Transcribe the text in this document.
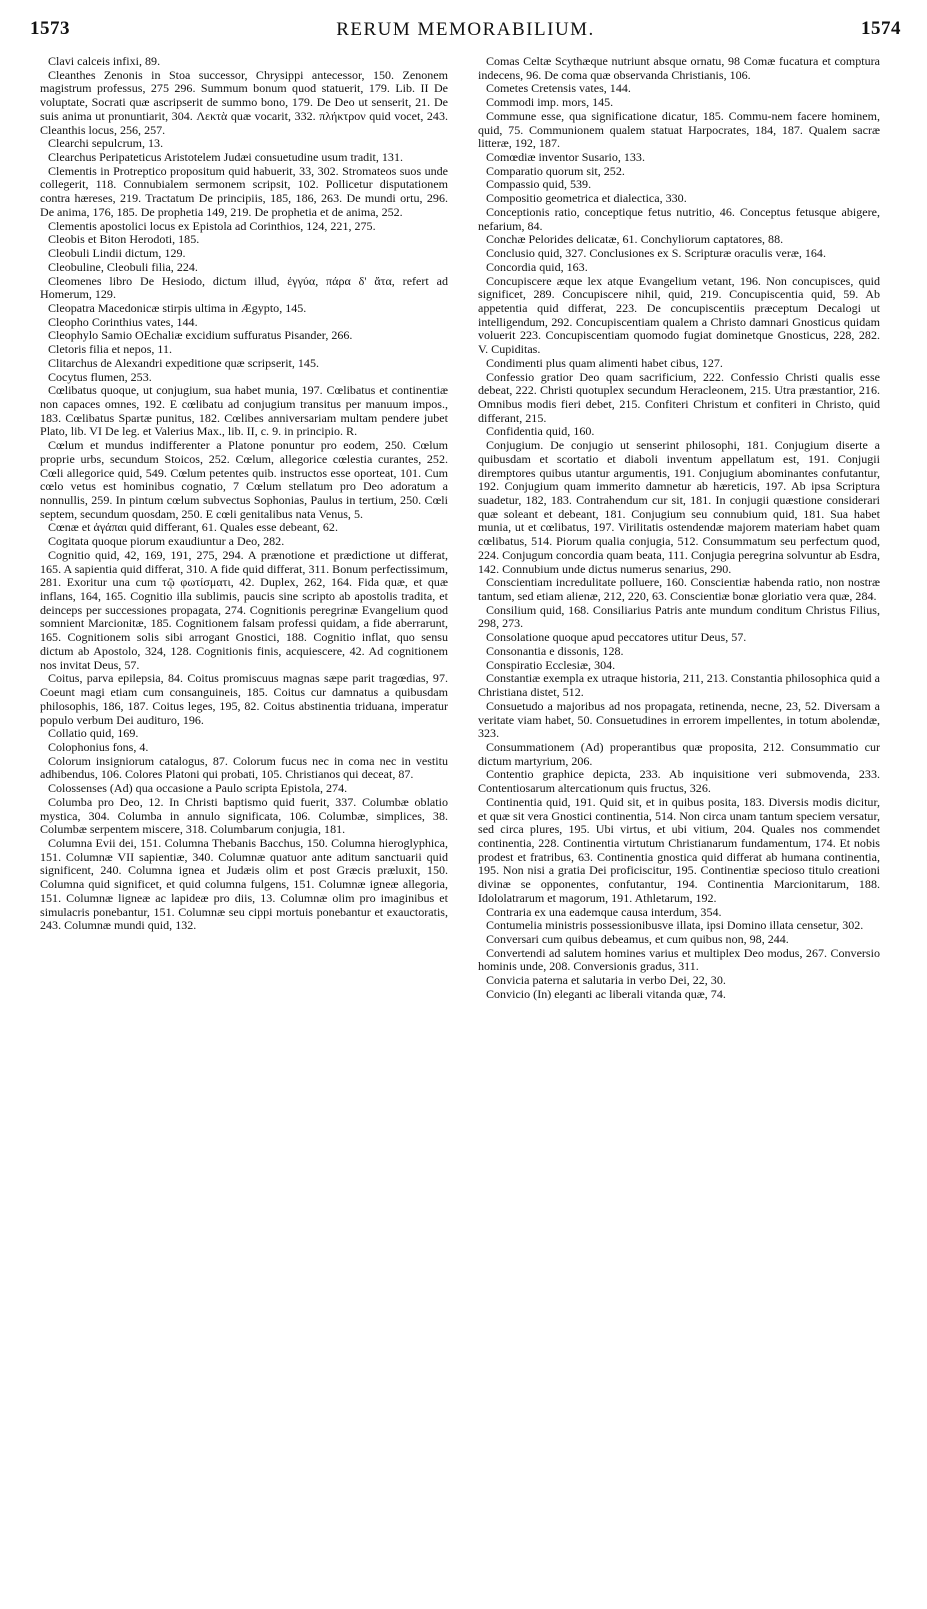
1573	RERUM MEMORABILIUM.	1574

Clavi calceis infixi, 89.

Cleanthes Zenonis in Stoa successor, Chrysippi antecessor, 150. Zenonem magistrum professus, 275 296. Summum bonum quod statuerit, 179. Lib. II De voluptate, Socrati quæ ascripserit de summo bono, 179. De Deo ut senserit, 21. De suis anima ut pronuntiarit, 304. Λεκτὰ quæ vocarit, 332. πλήκτρον quid vocet, 243. Cleanthis locus, 256, 257.

Clearchi sepulcrum, 13.

Clearchus Peripateticus Aristotelem Judæi consuetudine usum tradit, 131.

Clementis in Protreptico propositum quid habuerit, 33, 302. Stromateos suos unde collegerit, 118. Connubialem sermonem scripsit, 102. Pollicetur disputationem contra hæreses, 219. Tractatum De principiis, 185, 186, 263. De mundi ortu, 296. De anima, 176, 185. De prophetia 149, 219. De prophetia et de anima, 252.

Clementis apostolici locus ex Epistola ad Corinthios, 124, 221, 275.

Cleobis et Biton Herodoti, 185.

Cleobuli Lindii dictum, 129.

Cleobuline, Cleobuli filia, 224.

Cleomenes libro De Hesiodo, dictum illud, ἐγγύα, πάρα δ' ἄτα, refert ad Homerum, 129.

Cleopatra Macedonicæ stirpis ultima in Ægypto, 145.

Cleopho Corinthius vates, 144.

Cleophylo Samio OEchaliæ excidium suffuratus Pisander, 266.

Cletoris filia et nepos, 11.

Clitarchus de Alexandri expeditione quæ scripserit, 145.

Cocytus flumen, 253.

Cœlibatus quoque, ut conjugium, sua habet munia, 197. Cœlibatus et continentiæ non capaces omnes, 192. E cœlibatu ad conjugium transitus per manuum impos., 183. Cœlibatus Spartæ punitus, 182. Cœlibes anniversariam multam pendere jubet Plato, lib. VI De leg. et Valerius Max., lib. II, c. 9. in principio. R.

Cœlum et mundus indifferenter a Platone ponuntur pro eodem, 250. Cœlum proprie urbs, secundum Stoicos, 252. Cœlum, allegorice cœlestia curantes, 252. Cœli allegorice quid, 549. Cœlum petentes quib. instructos esse oporteat, 101. Cum cœlo vetus est hominibus cognatio, 7 Cœlum stellatum pro Deo adoratum a nonnullis, 259. In pintum cœlum subvectus Sophonias, Paulus in tertium, 250. Cœli septem, secundum quosdam, 250. E cœli genitalibus nata Venus, 5.

Cœnæ et ἀγάπαι quid differant, 61. Quales esse debeant, 62.

Cogitata quoque piorum exaudiuntur a Deo, 282.

Cognitio quid, 42, 169, 191, 275, 294. A prænotione et prædictione ut differat, 165. A sapientia quid differat, 310. A fide quid differat, 311. Bonum perfectissimum, 281. Exoritur una cum τῷ φωτίσματι, 42. Duplex, 262, 164. Fida quæ, et quæ inflans, 164, 165. Cognitio illa sublimis, paucis sine scripto ab apostolis tradita, et deinceps per successiones propagata, 274. Cognitionis peregrinæ Evangelium quod somnient Marcionitæ, 185. Cognitionem falsam professi quidam, a fide aberrarunt, 165. Cognitionem solis sibi arrogant Gnostici, 188. Cognitio inflat, quo sensu dictum ab Apostolo, 324, 128. Cognitionis finis, acquiescere, 42. Ad cognitionem nos invitat Deus, 57.

Coitus, parva epilepsia, 84. Coitus promiscuus magnas sæpe parit tragœdias, 97. Coeunt magi etiam cum consanguineis, 185. Coitus cur damnatus a quibusdam philosophis, 186, 187. Coitus leges, 195, 82. Coitus abstinentia triduana, imperatur populo verbum Dei audituro, 196.

Collatio quid, 169.

Colophonius fons, 4.

Colorum insigniorum catalogus, 87. Colorum fucus nec in coma nec in vestitu adhibendus, 106. Colores Platoni qui probati, 105. Christianos qui deceat, 87.

Colossenses (Ad) qua occasione a Paulo scripta Epistola, 274.

Columba pro Deo, 12. In Christi baptismo quid fuerit, 337. Columbæ oblatio mystica, 304. Columba in annulo significata, 106. Columbæ, simplices, 38. Columbæ serpentem miscere, 318. Columbarum conjugia, 181.

Columna Evii dei, 151. Columna Thebanis Bacchus, 150. Columna hieroglyphica, 151. Columnæ VII sapientiæ, 340. Columnæ quatuor ante aditum sanctuarii quid significent, 240. Columna ignea et Judæis olim et post Græcis præluxit, 150. Columna quid significet, et quid columna fulgens, 151. Columnæ igneæ allegoria, 151. Columnæ ligneæ ac lapideæ pro diis, 13. Columnæ olim pro imaginibus et simulacris ponebantur, 151. Columnæ seu cippi mortuis ponebantur et exauctoratis, 243. Columnæ mundi quid, 132.

Comas Celtæ Scythæque nutriunt absque ornatu, 98 Comæ fucatura et comptura indecens, 96. De coma quæ observanda Christianis, 106.

Cometes Cretensis vates, 144.

Commodi imp. mors, 145.

Commune esse, qua significatione dicatur, 185. Commu-nem facere hominem, quid, 75. Communionem qualem statuat Harpocrates, 184, 187. Qualem sacræ litteræ, 192, 187.

Comœdiæ inventor Susario, 133.

Comparatio quorum sit, 252.

Compassio quid, 539.

Compositio geometrica et dialectica, 330.

Conceptionis ratio, conceptique fetus nutritio, 46. Conceptus fetusque abigere, nefarium, 84.

Conchæ Pelorides delicatæ, 61. Conchyliorum captatores, 88.

Conclusio quid, 327. Conclusiones ex S. Scripturæ oraculis veræ, 164.

Concordia quid, 163.

Concupiscere æque lex atque Evangelium vetant, 196. Non concupisces, quid significet, 289. Concupiscere nihil, quid, 219. Concupiscentia quid, 59. Ab appetentia quid differat, 223. De concupiscentiis præceptum Decalogi ut intelligendum, 292. Concupiscentiam qualem a Christo damnari Gnosticus quidam voluerit 223. Concupiscentiam quomodo fugiat dominetque Gnosticus, 228, 282. V. Cupiditas.

Condimenti plus quam alimenti habet cibus, 127.

Confessio gratior Deo quam sacrificium, 222. Confessio Christi qualis esse debeat, 222. Christi quotuplex secundum Heracleonem, 215. Utra præstantior, 216. Omnibus modis fieri debet, 215. Confiteri Christum et confiteri in Christo, quid differant, 215.

Confidentia quid, 160.

Conjugium. De conjugio ut senserint philosophi, 181. Conjugium diserte a quibusdam et scortatio et diaboli inventum appellatum est, 191. Conjugii diremptores quibus utantur argumentis, 191. Conjugium abominantes confutantur, 192. Conjugium quam immerito damnetur ab hæreticis, 197. Ab ipsa Scriptura suadetur, 182, 183. Contrahendum cur sit, 181. In conjugii quæstione considerari quæ soleant et debeant, 181. Conjugium seu connubium quid, 181. Sua habet munia, ut et cœlibatus, 197. Virilitatis ostendendæ majorem materiam habet quam cœlibatus, 514. Piorum qualia conjugia, 512. Consummatum seu perfectum quod, 224. Conjugum concordia quam beata, 111. Conjugia peregrina solvuntur ab Esdra, 142. Connubium unde dictus numerus senarius, 290.

Conscientiam incredulitate polluere, 160. Conscientiæ habenda ratio, non nostræ tantum, sed etiam alienæ, 212, 220, 63. Conscientiæ bonæ gloriatio vera quæ, 284.

Consilium quid, 168. Consiliarius Patris ante mundum conditum Christus Filius, 298, 273.

Consolatione quoque apud peccatores utitur Deus, 57.

Consonantia e dissonis, 128.

Conspiratio Ecclesiæ, 304.

Constantiæ exempla ex utraque historia, 211, 213. Constantia philosophica quid a Christiana distet, 512.

Consuetudo a majoribus ad nos propagata, retinenda, necne, 23, 52. Diversam a veritate viam habet, 50. Consuetudines in errorem impellentes, in totum abolendæ, 323.

Consummationem (Ad) properantibus quæ proposita, 212. Consummatio cur dictum martyrium, 206.

Contentio graphice depicta, 233. Ab inquisitione veri submovenda, 233. Contentiosarum altercationum quis fructus, 326.

Continentia quid, 191. Quid sit, et in quibus posita, 183. Diversis modis dicitur, et quæ sit vera Gnostici continentia, 514. Non circa unam tantum speciem versatur, sed circa plures, 195. Ubi virtus, et ubi vitium, 204. Quales nos commendet continentia, 228. Continentia virtutum Christianarum fundamentum, 174. Et nobis prodest et fratribus, 63. Continentia gnostica quid differat ab humana continentia, 195. Non nisi a gratia Dei proficiscitur, 195. Continentiæ specioso titulo creationi divinæ se opponentes, confutantur, 194. Continentia Marcionitarum, 188. Idololatrarum et magorum, 191. Athletarum, 192.

Contraria ex una eademque causa interdum, 354.

Contumelia ministris possessionibusve illata, ipsi Domino illata censetur, 302.

Conversari cum quibus debeamus, et cum quibus non, 98, 244.

Convertendi ad salutem homines varius et multiplex Deo modus, 267. Conversio hominis unde, 208. Conversionis gradus, 311.

Convicia paterna et salutaria in verbo Dei, 22, 30.

Convicio (In) eleganti ac liberali vitanda quæ, 74.
